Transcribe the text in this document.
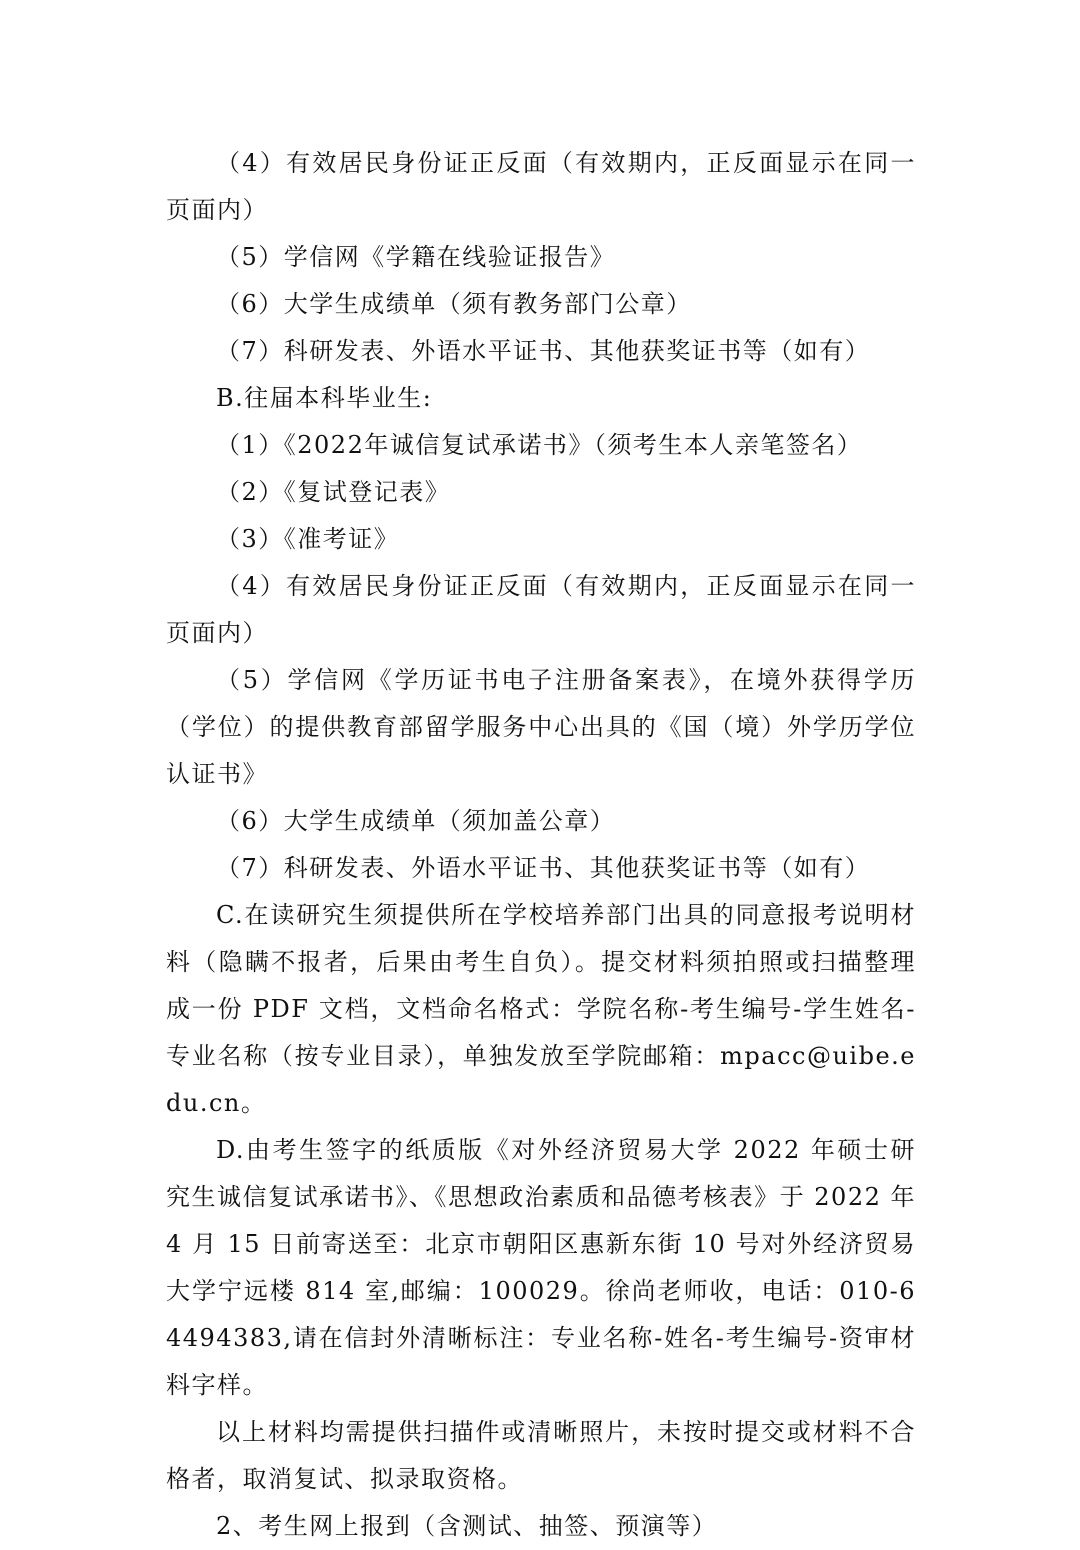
（4）有效居民身份证正反面（有效期内，正反面显示在同一页面内）

（5）学信网《学籍在线验证报告》

（6）大学生成绩单（须有教务部门公章）

（7）科研发表、外语水平证书、其他获奖证书等（如有）

B.往届本科毕业生:

（1）《2022年诚信复试承诺书》（须考生本人亲笔签名）

（2）《复试登记表》

（3）《准考证》

（4）有效居民身份证正反面（有效期内，正反面显示在同一页面内）

（5）学信网《学历证书电子注册备案表》，在境外获得学历（学位）的提供教育部留学服务中心出具的《国（境）外学历学位认证书》

（6）大学生成绩单（须加盖公章）

（7）科研发表、外语水平证书、其他获奖证书等（如有）

C.在读研究生须提供所在学校培养部门出具的同意报考说明材料（隐瞒不报者，后果由考生自负）。提交材料须拍照或扫描整理成一份 PDF 文档，文档命名格式：学院名称-考生编号-学生姓名-专业名称（按专业目录），单独发放至学院邮箱：mpacc@uibe.edu.cn。

D.由考生签字的纸质版《对外经济贸易大学 2022 年硕士研究生诚信复试承诺书》、《思想政治素质和品德考核表》于 2022 年 4 月 15 日前寄送至：北京市朝阳区惠新东街 10 号对外经济贸易大学宁远楼 814 室,邮编：100029。徐尚老师收，电话：010-64494383,请在信封外清晰标注：专业名称-姓名-考生编号-资审材料字样。

以上材料均需提供扫描件或清晰照片，未按时提交或材料不合格者，取消复试、拟录取资格。

2、考生网上报到（含测试、抽签、预演等）
